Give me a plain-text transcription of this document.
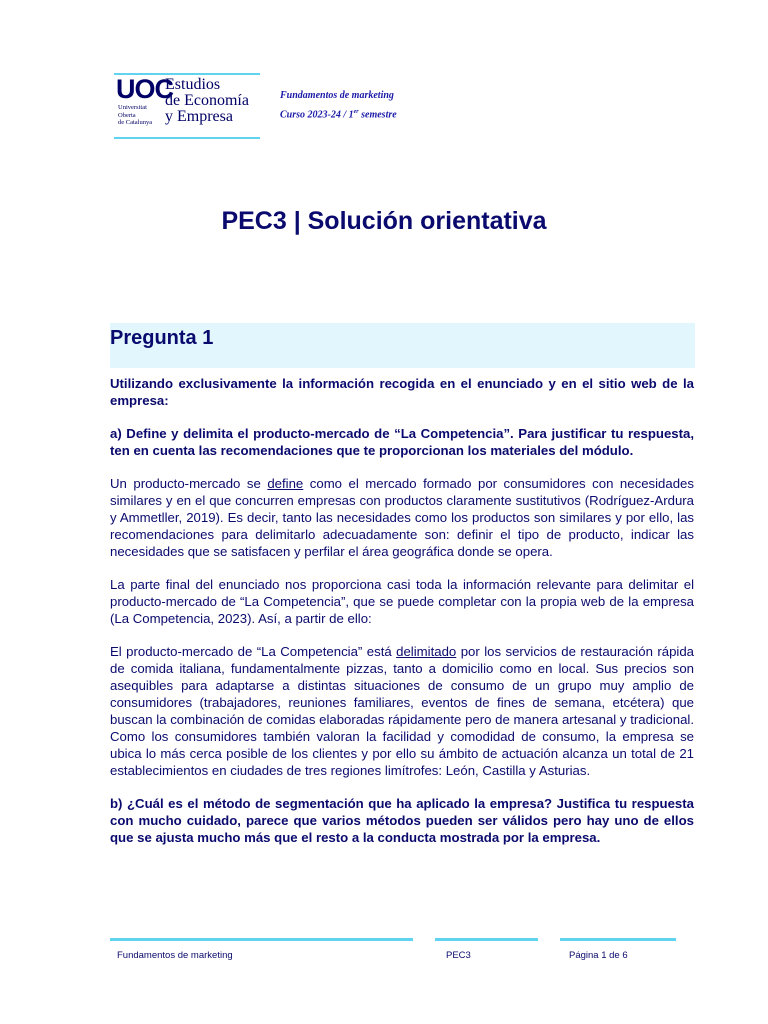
UOC
Universitat
Oberta
de Catalunya
Estudios
de Economía
y Empresa
Fundamentos de marketing
Curso 2023-24 / 1er semestre
PEC3 | Solución orientativa
Pregunta 1

Utilizando exclusivamente la información recogida en el enunciado y en el sitio web de la empresa:

a) Define y delimita el producto-mercado de “La Competencia”. Para justificar tu respuesta, ten en cuenta las recomendaciones que te proporcionan los materiales del módulo.

Un producto-mercado se define como el mercado formado por consumidores con necesidades similares y en el que concurren empresas con productos claramente sustitutivos (Rodríguez-Ardura y Ammetller, 2019). Es decir, tanto las necesidades como los productos son similares y por ello, las recomendaciones para delimitarlo adecuadamente son: definir el tipo de producto, indicar las necesidades que se satisfacen y perfilar el área geográfica donde se opera.

La parte final del enunciado nos proporciona casi toda la información relevante para delimitar el producto-mercado de “La Competencia”, que se puede completar con la propia web de la empresa (La Competencia, 2023). Así, a partir de ello:

El producto-mercado de “La Competencia” está delimitado por los servicios de restauración rápida de comida italiana, fundamentalmente pizzas, tanto a domicilio como en local. Sus precios son asequibles para adaptarse a distintas situaciones de consumo de un grupo muy amplio de consumidores (trabajadores, reuniones familiares, eventos de fines de semana, etcétera) que buscan la combinación de comidas elaboradas rápidamente pero de manera artesanal y tradicional. Como los consumidores también valoran la facilidad y comodidad de consumo, la empresa se ubica lo más cerca posible de los clientes y por ello su ámbito de actuación alcanza un total de 21 establecimientos en ciudades de tres regiones limítrofes: León, Castilla y Asturias.

b) ¿Cuál es el método de segmentación que ha aplicado la empresa? Justifica tu respuesta con mucho cuidado, parece que varios métodos pueden ser válidos pero hay uno de ellos que se ajusta mucho más que el resto a la conducta mostrada por la empresa.

Fundamentos de marketing	PEC3	Página 1 de 6
